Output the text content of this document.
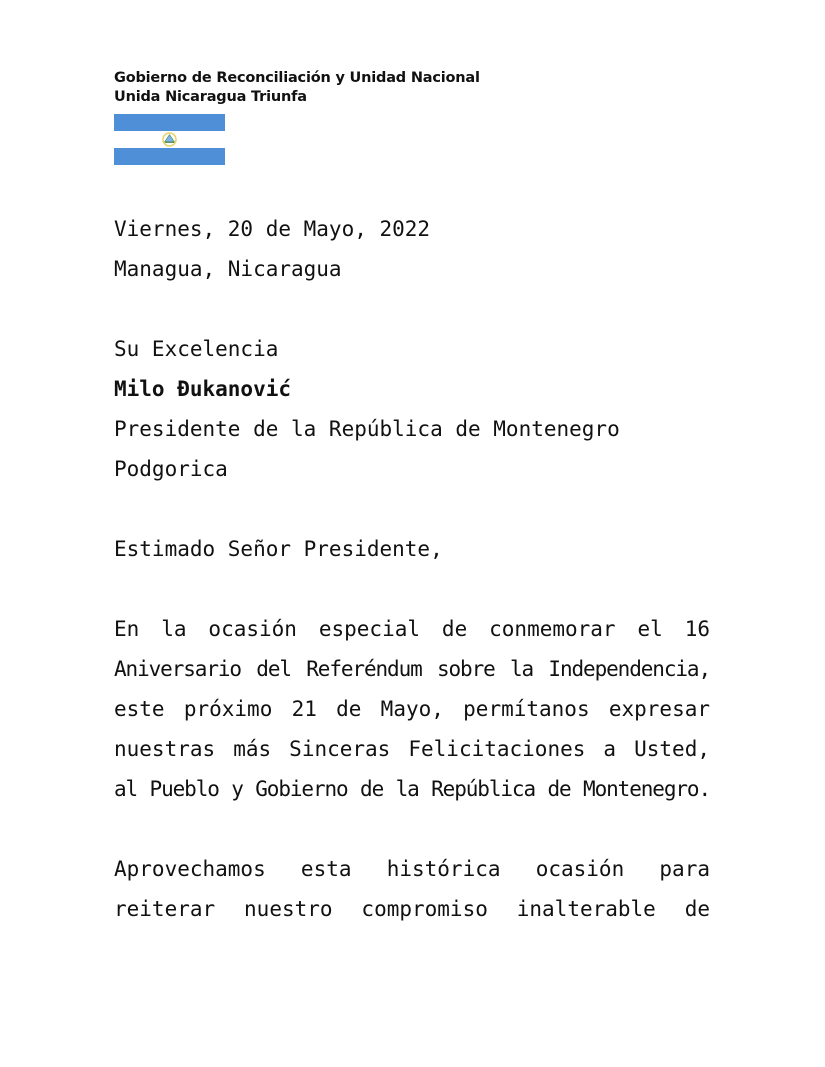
Gobierno de Reconciliación y Unidad Nacional
Unida Nicaragua Triunfa
Viernes, 20 de Mayo, 2022
Managua, Nicaragua
Su Excelencia
Milo Đukanović
Presidente de la República de Montenegro
Podgorica
Estimado Señor Presidente,
En la ocasión especial de conmemorar el 16
Aniversario del Referéndum sobre la Independencia,
este próximo 21 de Mayo, permítanos expresar
nuestras más Sinceras Felicitaciones a Usted,
al Pueblo y Gobierno de la República de Montenegro.
Aprovechamos esta histórica ocasión para
reiterar nuestro compromiso inalterable de
